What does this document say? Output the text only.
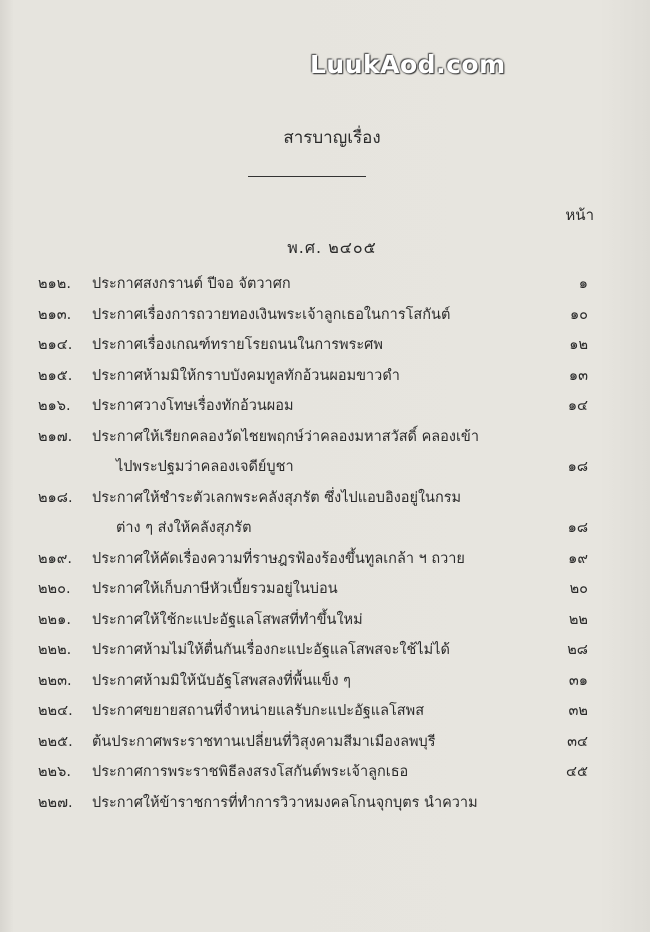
LuukAod.com
สารบาญเรื่อง
หน้า
พ.ศ. ๒๔๐๕
๒๑๒. ประกาศสงกรานต์ ปีจอ จัตวาศก	๑
๒๑๓. ประกาศเรื่องการถวายทองเงินพระเจ้าลูกเธอในการโสกันต์	๑๐
๒๑๔. ประกาศเรื่องเกณฑ์ทรายโรยถนนในการพระศพ	๑๒
๒๑๕. ประกาศห้ามมิให้กราบบังคมทูลทักอ้วนผอมขาวดำ	๑๓
๒๑๖. ประกาศวางโทษเรื่องทักอ้วนผอม	๑๔
๒๑๗. ประกาศให้เรียกคลองวัดไชยพฤกษ์ว่าคลองมหาสวัสดิ์ คลองเข้า
ไปพระปฐมว่าคลองเจดีย์บูชา	๑๘
๒๑๘. ประกาศให้ชำระตัวเลกพระคลังสุภรัต ซึ่งไปแอบอิงอยู่ในกรม
ต่าง ๆ ส่งให้คลังสุภรัต	๑๘
๒๑๙. ประกาศให้คัดเรื่องความที่ราษฎรฟ้องร้องขึ้นทูลเกล้า ฯ ถวาย	๑๙
๒๒๐. ประกาศให้เก็บภาษีหัวเบี้ยรวมอยู่ในบ่อน	๒๐
๒๒๑. ประกาศให้ใช้กะแปะอัฐแลโสพสที่ทำขึ้นใหม่	๒๒
๒๒๒. ประกาศห้ามไม่ให้ตื่นกันเรื่องกะแปะอัฐแลโสพสจะใช้ไม่ได้	๒๘
๒๒๓. ประกาศห้ามมิให้นับอัฐโสพสลงที่พื้นแข็ง ๆ	๓๑
๒๒๔. ประกาศขยายสถานที่จำหน่ายแลรับกะแปะอัฐแลโสพส	๓๒
๒๒๕. ต้นประกาศพระราชทานเปลี่ยนที่วิสุงคามสีมาเมืองลพบุรี	๓๔
๒๒๖. ประกาศการพระราชพิธีลงสรงโสกันต์พระเจ้าลูกเธอ	๔๕
๒๒๗. ประกาศให้ข้าราชการที่ทำการวิวาหมงคลโกนจุกบุตร นำความ
